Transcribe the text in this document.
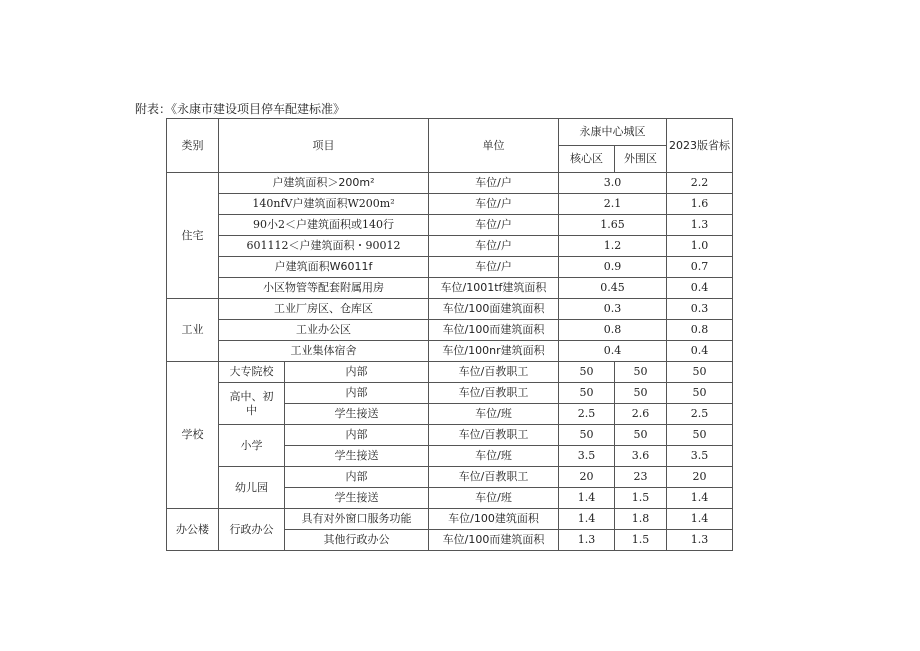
附表：《永康市建设项目停车配建标准》
类别	项目		单位	永康中心城区		2023版省标
				核心区	外围区	
住宅	户建筑面积＞200m²		车位/户	3.0		2.2
	140nfV户建筑面积W200m²		车位/户	2.1		1.6
	90小2＜户建筑面积或140行		车位/户	1.65		1.3
	601112＜户建筑面积・90012		车位/户	1.2		1.0
	户建筑面积W6011f		车位/户	0.9		0.7
	小区物管等配套附属用房		车位/1001tf建筑面积	0.45		0.4
工业	工业厂房区、仓库区		车位/100面建筑面积	0.3		0.3
	工业办公区		车位/100而建筑面积	0.8		0.8
	工业集体宿舍		车位/100nr建筑面积	0.4		0.4
学校	大专院校	内部	车位/百教职工	50	50	50
	高中、初中	内部	车位/百教职工	50	50	50
		学生接送	车位/班	2.5	2.6	2.5
	小学	内部	车位/百教职工	50	50	50
		学生接送	车位/班	3.5	3.6	3.5
	幼儿园	内部	车位/百教职工	20	23	20
		学生接送	车位/班	1.4	1.5	1.4
办公楼	行政办公	具有对外窗口服务功能	车位/100建筑面积	1.4	1.8	1.4
		其他行政办公	车位/100而建筑面积	1.3	1.5	1.3
